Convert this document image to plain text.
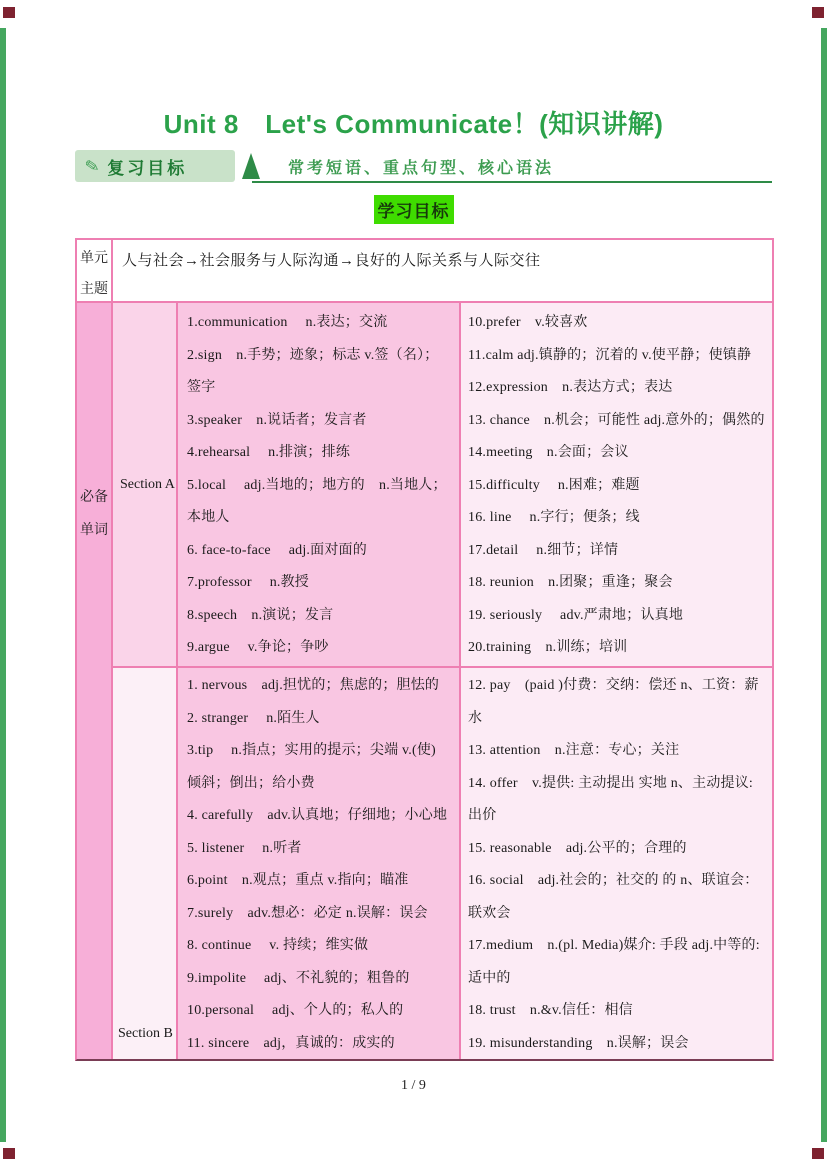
Unit 8　Let's Communicate！(知识讲解)
✎ 复习目标	常考短语、重点句型、核心语法
学习目标
单元主题
人与社会→社会服务与人际沟通→良好的人际关系与人际交往
必备单词
Section A
1.communication　 n.表达；交流
2.sign　n.手势；迹象；标志 v.签（名）；签字
3.speaker　n.说话者；发言者
4.rehearsal　 n.排演；排练
5.local　 adj.当地的；地方的　n.当地人；本地人
6. face-to-face　 adj.面对面的
7.professor　 n.教授
8.speech　n.演说；发言
9.argue　 v.争论；争吵
10.prefer　v.较喜欢
11.calm adj.镇静的；沉着的 v.使平静；使镇静
12.expression　n.表达方式；表达
13. chance　n.机会；可能性 adj.意外的；偶然的
14.meeting　n.会面；会议
15.difficulty　 n.困难；难题
16. line　 n.字行；便条；线
17.detail　 n.细节；详情
18. reunion　n.团聚；重逢；聚会
19. seriously　 adv.严肃地；认真地
20.training　n.训练；培训
Section B
1. nervous　adj.担忧的；焦虑的；胆怯的
2. stranger　 n.陌生人
3.tip　 n.指点；实用的提示；尖端 v.(使)倾斜；倒出；给小费
4. carefully　adv.认真地；仔细地；小心地
5. listener　 n.听者
6.point　n.观点；重点 v.指向；瞄准
7.surely　adv.想必：必定 n.误解：误会
8. continue　 v. 持续；维实做
9.impolite　 adj、不礼貌的；粗鲁的
10.personal　 adj、个人的；私人的
11. sincere　adj，真诚的：成实的
12. pay　(paid )付费：交纳：偿还 n、工资：薪水
13. attention　n.注意：专心；关注
14. offer　v.提供: 主动提出 实地 n、主动提议: 出价
15. reasonable　adj.公平的；合理的
16. social　adj.社会的；社交的 的 n、联谊会：联欢会
17.medium　n.(pl. Media)媒介: 手段 adj.中等的: 适中的
18. trust　n.&v.信任：相信
19. misunderstanding　n.误解；误会
1 / 9
